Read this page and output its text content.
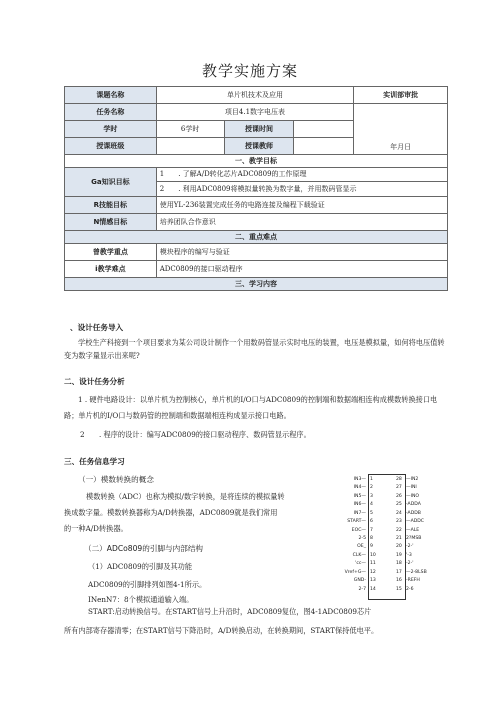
教学实施方案
课题名称	单片机技术及应用			实训部审批
任务名称	项目4.1数字电压表			年月日
学时	6学时	授课时间		
授课班级		授课教师		
一、教学目标				
Ga知识目标	1　　. 了解A/D转化芯片ADC0809的工作原理
2　　. 利用ADC0809将模拟量转换为数字量，并用数码管显示			

R技能目标	使用YL-236装置完成任务的电路连接及编程下载验证			
N情感目标	培养团队合作意识			
二、重点难点				
曾教学重点	模块程序的编写与验证			
i教学难点	ADC0809的接口驱动程序			
三、学习内容				
、设计任务导入
学校生产科接到一个项目要求为某公司设计制作一个用数码管显示实时电压的装置，电压是模拟量，如何将电压值转变为数字量显示出来呢?
二、设计任务分析
1 . 硬件电路设计：以单片机为控制核心，单片机的I/O口与ADC0809的控制端和数据端相连构成模数转换接口电路；单片机的I/O口与数码管的控制端和数据端相连构成显示接口电路。
2　　. 程序的设计：编写ADC0809的接口驱动程序、数码管显示程序。
三、任务信息学习
（一）模数转换的概念
模数转换（ADC）也称为模拟/数字转换，是将连续的模拟量转
换成数字量。模数转换器称为A/D转换器，ADC0809就是我们常用
的一种A/D转换器。
（二）ADCo809的引脚与内部结构
（1）ADC0809的引脚及其功能
ADC0809的引脚排列如图4-1所示。
INenN7：8个模拟通道输入端。
START:启动转换信号。在START信号上升沿时，ADC0809复位，图4-1ADC0809芯片
所有内部寄存器清零；在START信号下降沿时，A/D转换启动，在转换期间，START保持低电平。
IN3— 1	28 —IN2
IN4— 2	27 —INI
IN5— 3	26 —INO
IN6— 4	25 -ADDA
IN7— 5	24 -ADDB
START— 6	23 —ADDC
EOC— 7	22 —ALE
2-5 8	21 2?MSB
OE_ 9	20 -2-'
CLK— 10	19 '-3
'cc— 11	18 -2-'
Vref+G— 12	17 —2-8LSB
GND- 13	16 -REFH
2-7 14	15 2-6
